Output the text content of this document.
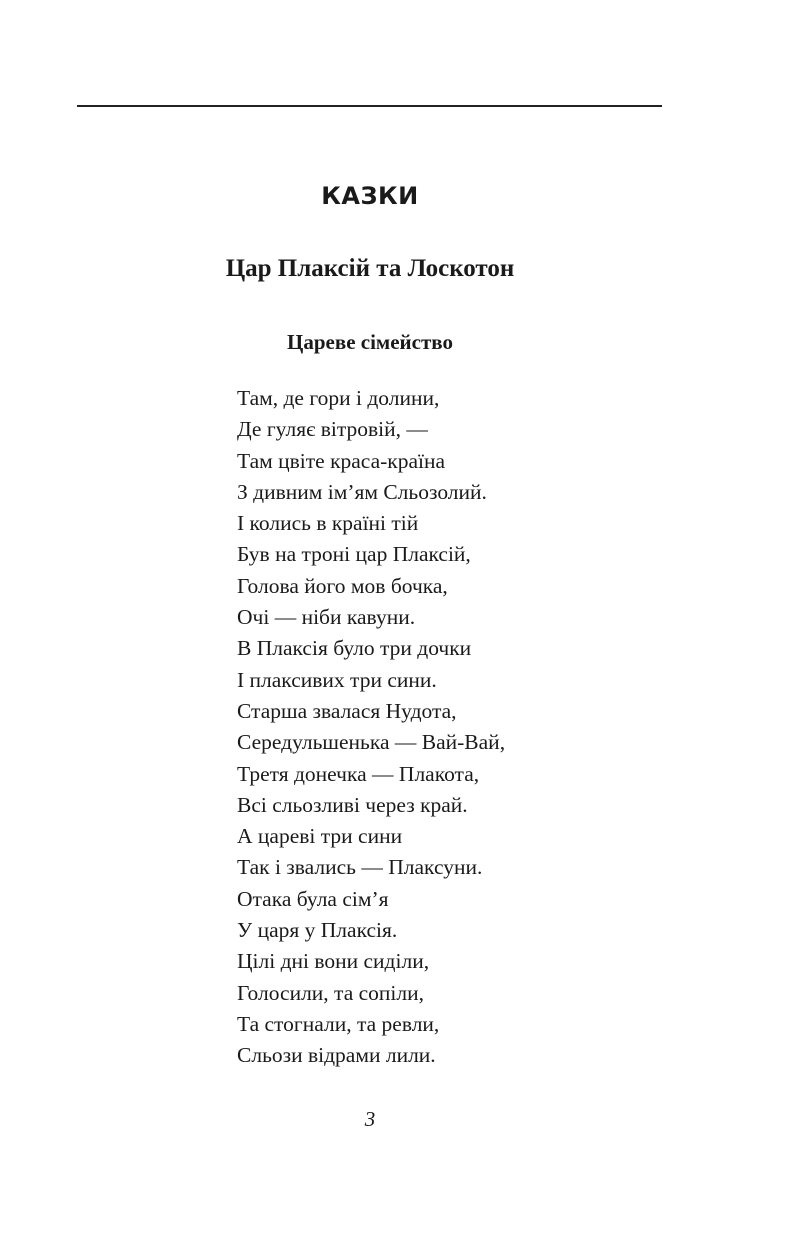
КАЗКИ
Цар Плаксій та Лоскотон
Цареве сімейство
Там, де гори і долини,
Де гуляє вітровій, —
Там цвіте краса-країна
З дивним ім’ям Сльозолий.
І колись в країні тій
Був на троні цар Плаксій,
Голова його мов бочка,
Очі — ніби кавуни.
В Плаксія було три дочки
І плаксивих три сини.
Старша звалася Нудота,
Середульшенька — Вай-Вай,
Третя донечка — Плакота,
Всі сльозливі через край.
А цареві три сини
Так і звались — Плаксуни.
Отака була сім’я
У царя у Плаксія.
Цілі дні вони сиділи,
Голосили, та сопіли,
Та стогнали, та ревли,
Сльози відрами лили.
3
